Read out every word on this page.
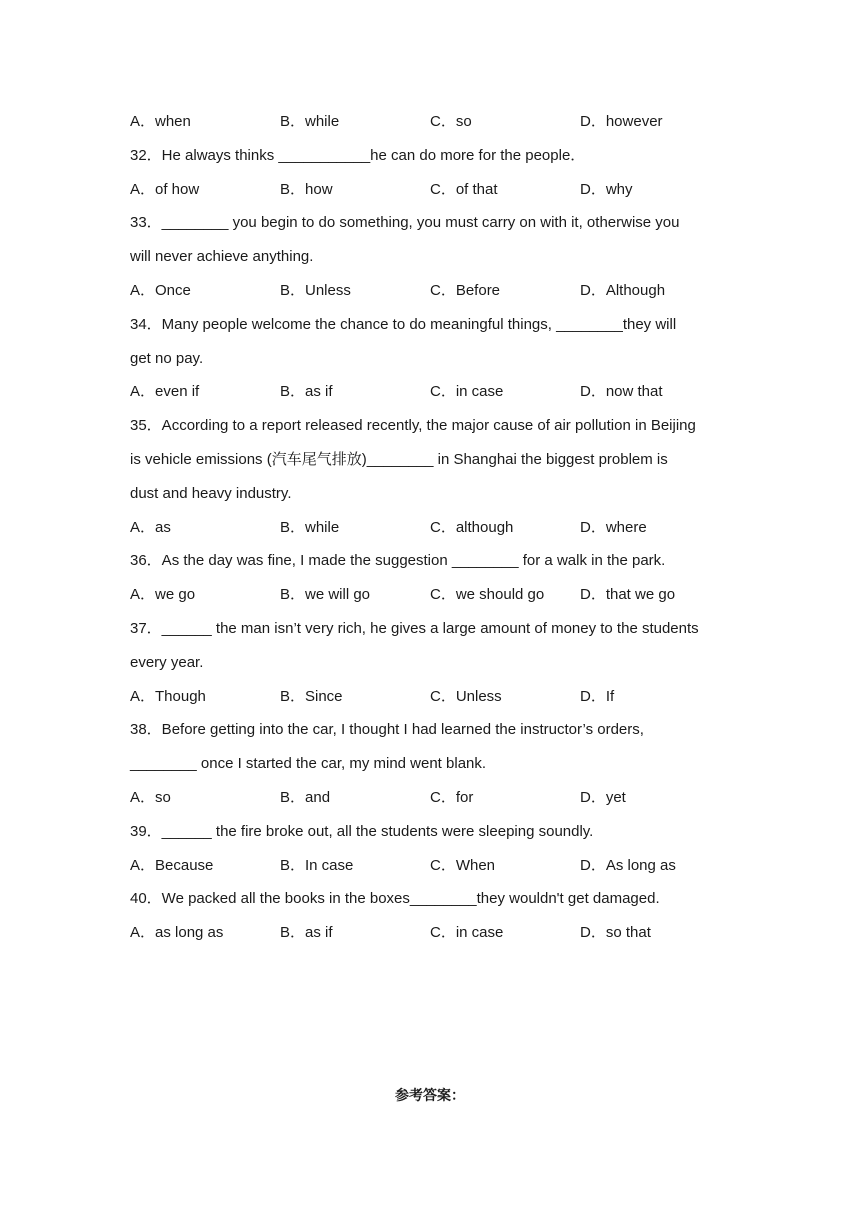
A．when	B．while	C．so	D．however
32．He always thinks ___________he can do more for the people．
A．of how	B．how	C．of that	D．why
33．________ you begin to do something, you must carry on with it, otherwise you
will never achieve anything.
A．Once	B．Unless	C．Before	D．Although
34．Many people welcome the chance to do meaningful things, ________they will
get no pay.
A．even if	B．as if	C．in case	D．now that
35．According to a report released recently, the major cause of air pollution in Beijing
is vehicle emissions (汽车尾气排放)________ in Shanghai the biggest problem is
dust and heavy industry.
A．as	B．while	C．although	D．where
36．As the day was fine, I made the suggestion ________ for a walk in the park.
A．we go	B．we will go	C．we should go	D．that we go
37．______ the man isn’t very rich, he gives a large amount of money to the students
every year.
A．Though	B．Since	C．Unless	D．If
38．Before getting into the car, I thought I had learned the instructor’s orders,
________ once I started the car, my mind went blank.
A．so	B．and	C．for	D．yet
39．______ the fire broke out, all the students were sleeping soundly.
A．Because	B．In case	C．When	D．As long as
40．We packed all the books in the boxes________they wouldn't get damaged.
A．as long as	B．as if	C．in case	D．so that
参考答案：
